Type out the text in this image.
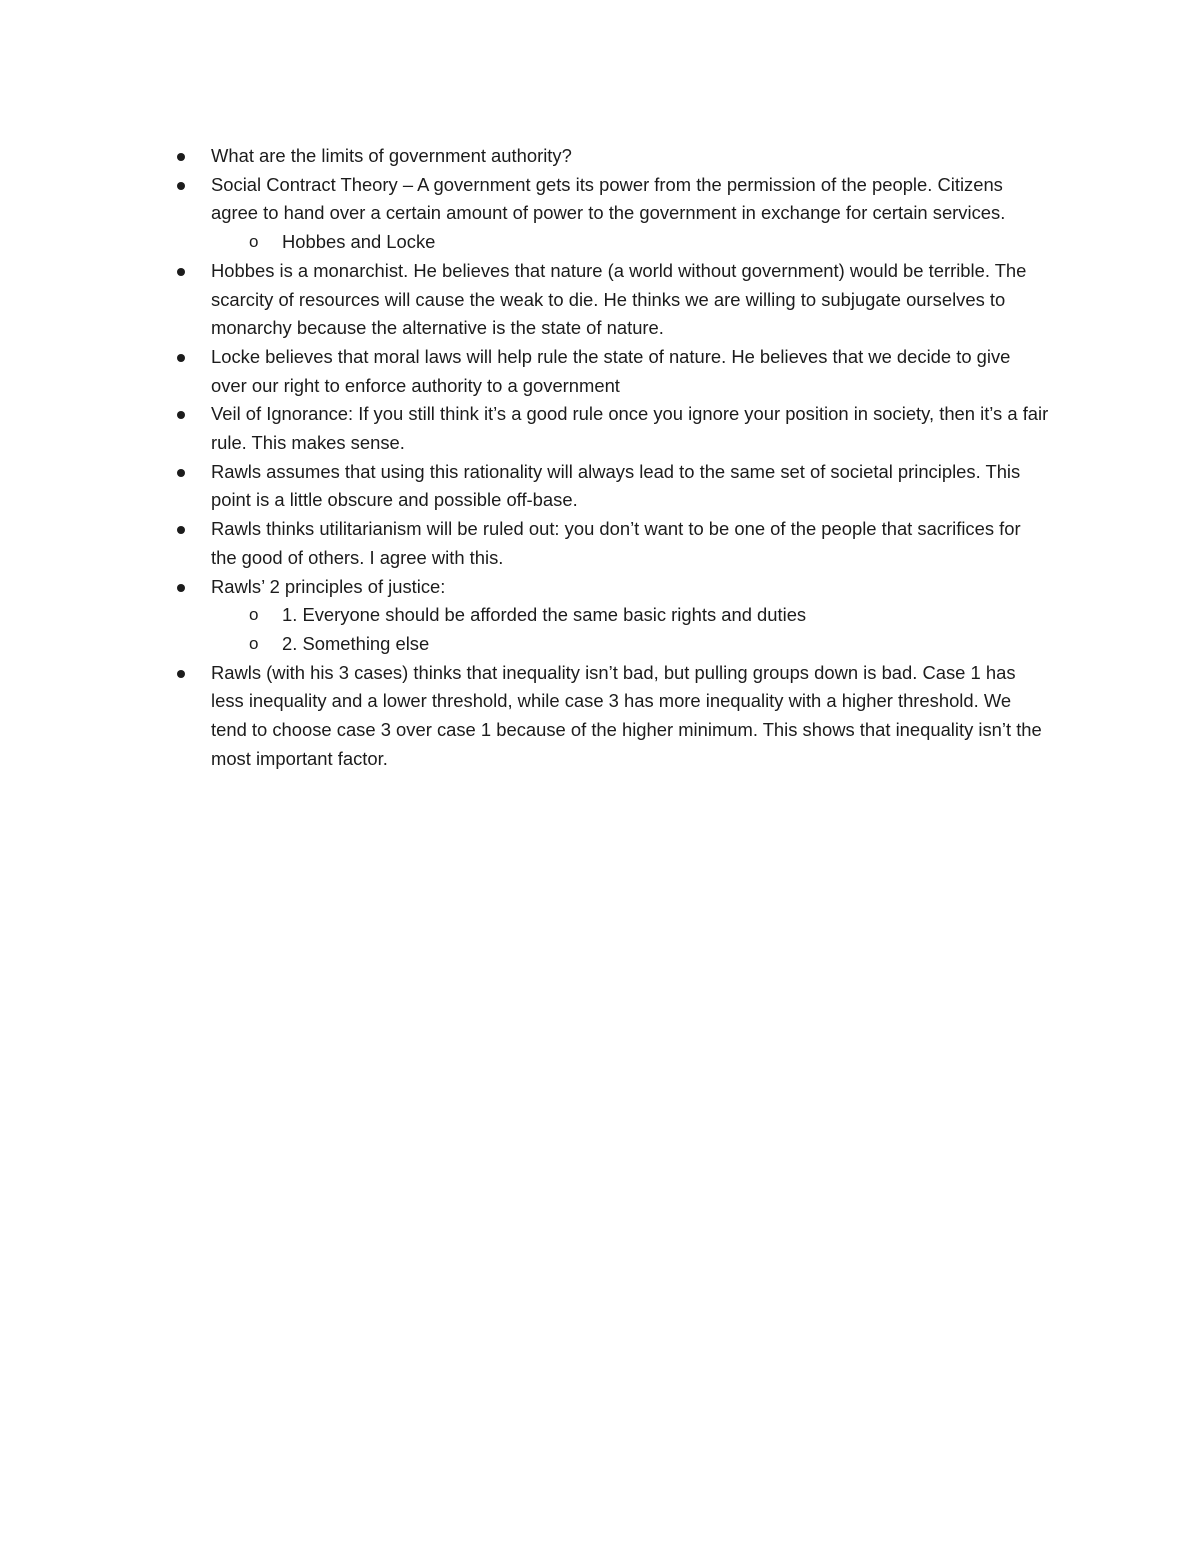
What are the limits of government authority?
Social Contract Theory – A government gets its power from the permission of the people. Citizens agree to hand over a certain amount of power to the government in exchange for certain services.
o Hobbes and Locke
Hobbes is a monarchist. He believes that nature (a world without government) would be terrible. The scarcity of resources will cause the weak to die. He thinks we are willing to subjugate ourselves to monarchy because the alternative is the state of nature.
Locke believes that moral laws will help rule the state of nature. He believes that we decide to give over our right to enforce authority to a government
Veil of Ignorance: If you still think it’s a good rule once you ignore your position in society, then it’s a fair rule. This makes sense.
Rawls assumes that using this rationality will always lead to the same set of societal principles. This point is a little obscure and possible off-base.
Rawls thinks utilitarianism will be ruled out: you don’t want to be one of the people that sacrifices for the good of others. I agree with this.
Rawls’ 2 principles of justice:
o 1. Everyone should be afforded the same basic rights and duties
o 2. Something else
Rawls (with his 3 cases) thinks that inequality isn’t bad, but pulling groups down is bad. Case 1 has less inequality and a lower threshold, while case 3 has more inequality with a higher threshold. We tend to choose case 3 over case 1 because of the higher minimum. This shows that inequality isn’t the most important factor.
